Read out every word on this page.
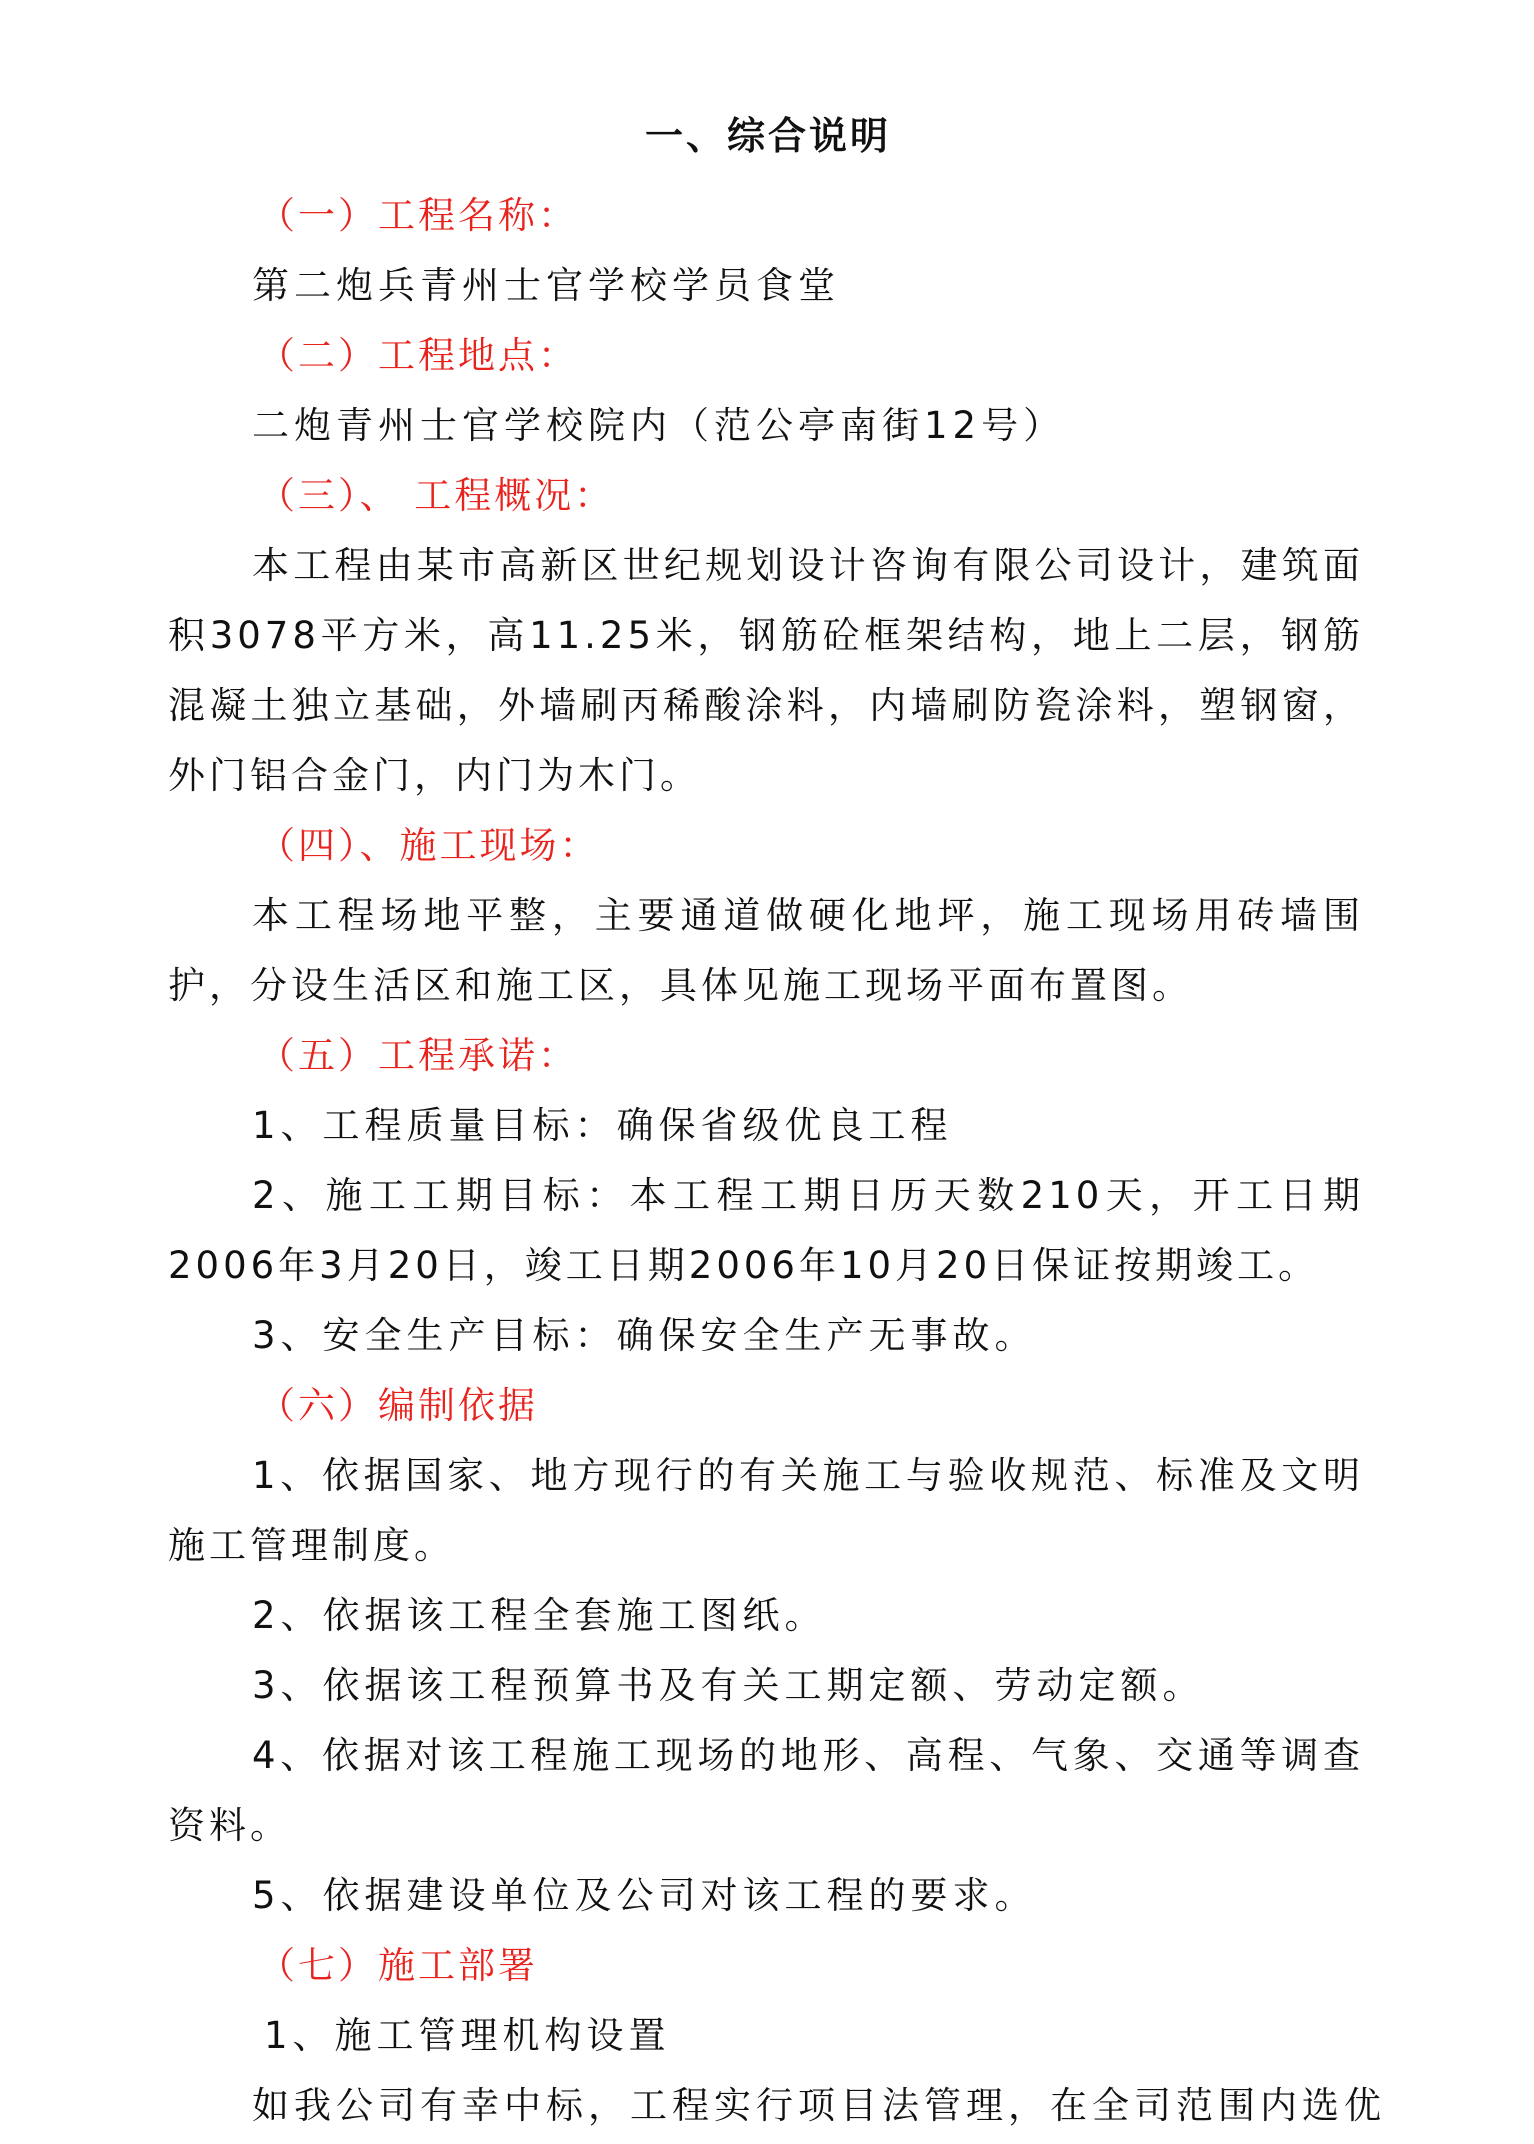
一、综合说明

（一）工程名称：

第二炮兵青州士官学校学员食堂

（二）工程地点：

二炮青州士官学校院内（范公亭南街12号）

（三）、 工程概况：

本工程由某市高新区世纪规划设计咨询有限公司设计，建筑面积3078平方米，高11.25米，钢筋砼框架结构，地上二层，钢筋混凝土独立基础，外墙刷丙稀酸涂料，内墙刷防瓷涂料，塑钢窗，外门铝合金门，内门为木门。

（四）、施工现场：

本工程场地平整，主要通道做硬化地坪，施工现场用砖墙围护，分设生活区和施工区，具体见施工现场平面布置图。

（五）工程承诺：

1、工程质量目标：确保省级优良工程

2、施工工期目标：本工程工期日历天数210天，开工日期2006年3月20日，竣工日期2006年10月20日保证按期竣工。

3、安全生产目标：确保安全生产无事故。

（六）编制依据

1、依据国家、地方现行的有关施工与验收规范、标准及文明施工管理制度。

2、依据该工程全套施工图纸。

3、依据该工程预算书及有关工期定额、劳动定额。

4、依据对该工程施工现场的地形、高程、气象、交通等调查资料。

5、依据建设单位及公司对该工程的要求。

（七）施工部署

1、施工管理机构设置

如我公司有幸中标，工程实行项目法管理，在全司范围内选优
